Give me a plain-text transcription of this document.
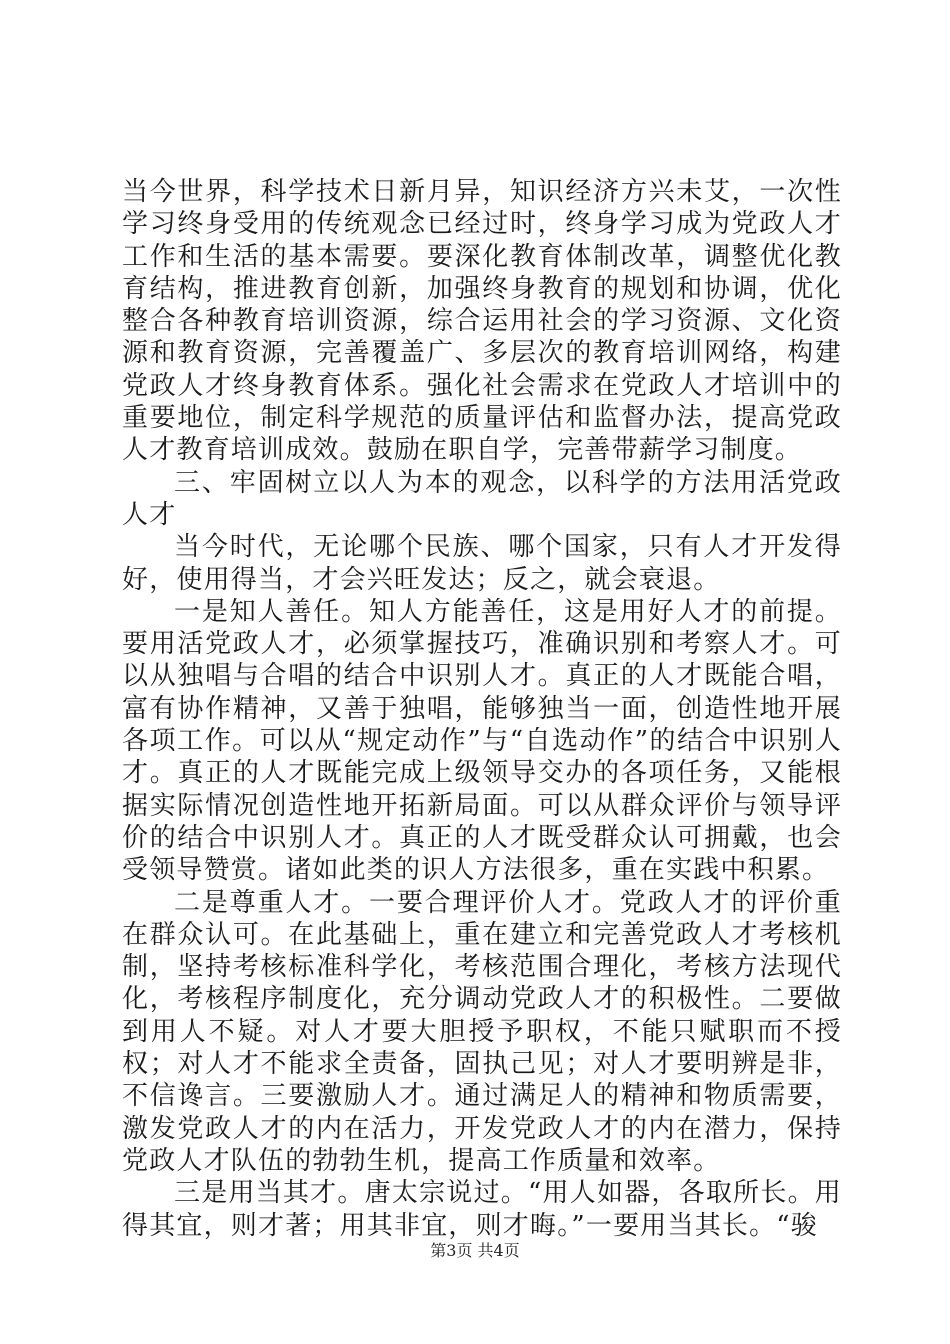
当今世界，科学技术日新月异，知识经济方兴未艾，一次性学习终身受用的传统观念已经过时，终身学习成为党政人才工作和生活的基本需要。要深化教育体制改革，调整优化教育结构，推进教育创新，加强终身教育的规划和协调，优化整合各种教育培训资源，综合运用社会的学习资源、文化资源和教育资源，完善覆盖广、多层次的教育培训网络，构建党政人才终身教育体系。强化社会需求在党政人才培训中的重要地位，制定科学规范的质量评估和监督办法，提高党政人才教育培训成效。鼓励在职自学，完善带薪学习制度。

三、牢固树立以人为本的观念，以科学的方法用活党政人才

当今时代，无论哪个民族、哪个国家，只有人才开发得好，使用得当，才会兴旺发达；反之，就会衰退。

一是知人善任。知人方能善任，这是用好人才的前提。要用活党政人才，必须掌握技巧，准确识别和考察人才。可以从独唱与合唱的结合中识别人才。真正的人才既能合唱，富有协作精神，又善于独唱，能够独当一面，创造性地开展各项工作。可以从“规定动作”与“自选动作”的结合中识别人才。真正的人才既能完成上级领导交办的各项任务，又能根据实际情况创造性地开拓新局面。可以从群众评价与领导评价的结合中识别人才。真正的人才既受群众认可拥戴，也会受领导赞赏。诸如此类的识人方法很多，重在实践中积累。

二是尊重人才。一要合理评价人才。党政人才的评价重在群众认可。在此基础上，重在建立和完善党政人才考核机制，坚持考核标准科学化，考核范围合理化，考核方法现代化，考核程序制度化，充分调动党政人才的积极性。二要做到用人不疑。对人才要大胆授予职权，不能只赋职而不授权；对人才不能求全责备，固执己见；对人才要明辨是非，不信谗言。三要激励人才。通过满足人的精神和物质需要，激发党政人才的内在活力，开发党政人才的内在潜力，保持党政人才队伍的勃勃生机，提高工作质量和效率。

三是用当其才。唐太宗说过。“用人如器，各取所长。用得其宜，则才著；用其非宜，则才晦。”一要用当其长。“骏

第3页 共4页
